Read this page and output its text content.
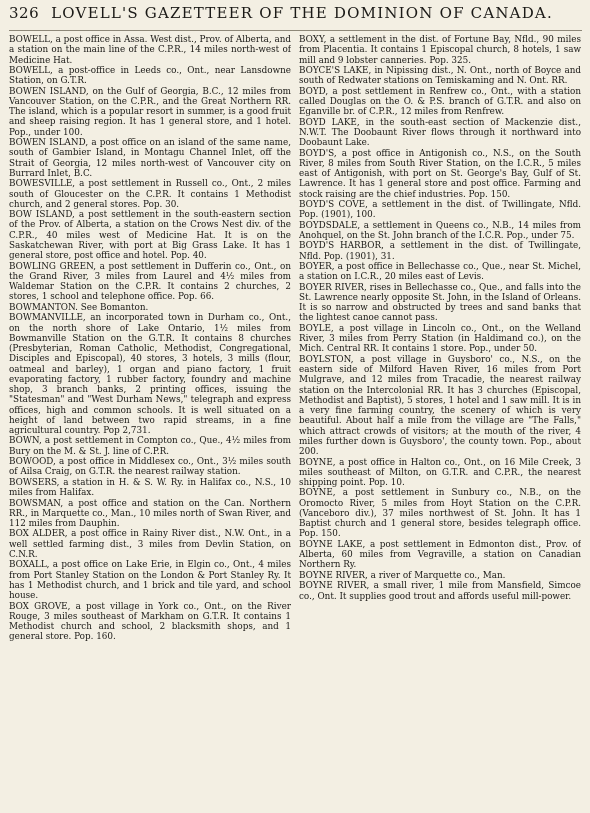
326 LOVELL'S GAZETTEER OF THE DOMINION OF CANADA.

BOWELL, a post office in Assa. West dist., Prov. of Alberta, and a station on the main line of the C.P.R., 14 miles north-west of Medicine Hat.

BOWELL, a post-office in Leeds co., Ont., near Lansdowne Station, on G.T.R.

BOWEN ISLAND, on the Gulf of Georgia, B.C., 12 miles from Vancouver Station, on the C.P.R., and the Great Northern RR. The island, which is a popular resort in summer, is a good fruit and sheep raising region. It has 1 general store, and 1 hotel. Pop., under 100.

BOWEN ISLAND, a post office on an island of the same name, south of Gambier Island, in Montagu Channel Inlet, off the Strait of Georgia, 12 miles north-west of Vancouver city on Burrard Inlet, B.C.

BOWESVILLE, a post settlement in Russell co., Ont., 2 miles south of Gloucester on the C.P.R. It contains 1 Methodist church, and 2 general stores. Pop. 30.

BOW ISLAND, a post settlement in the south-eastern section of the Prov. of Alberta, a station on the Crows Nest div. of the C.P.R., 40 miles west of Medicine Hat. It is on the Saskatchewan River, with port at Big Grass Lake. It has 1 general store, post office and hotel. Pop. 40.

BOWLING GREEN, a post settlement in Dufferin co., Ont., on the Grand River, 3 miles from Laurel and 4½ miles from Waldemar Station on the C.P.R. It contains 2 churches, 2 stores, 1 school and telephone office. Pop. 66.

BOWMANTON. See Bomanton.

BOWMANVILLE, an incorporated town in Durham co., Ont., on the north shore of Lake Ontario, 1½ miles from Bowmanville Station on the G.T.R. It contains 8 churches (Presbyterian, Roman Catholic, Methodist, Congregational, Disciples and Episcopal), 40 stores, 3 hotels, 3 mills (flour, oatmeal and barley), 1 organ and piano factory, 1 fruit evaporating factory, 1 rubber factory, foundry and machine shop, 3 branch banks, 2 printing offices, issuing the "Statesman" and "West Durham News," telegraph and express offices, high and common schools. It is well situated on a height of land between two rapid streams, in a fine agricultural country. Pop 2,731.

BOWN, a post settlement in Compton co., Que., 4½ miles from Bury on the M. & St. J. line of C.P.R.

BOWOOD, a post office in Middlesex co., Ont., 3½ miles south of Ailsa Craig, on G.T.R. the nearest railway station.

BOWSERS, a station in H. & S. W. Ry. in Halifax co., N.S., 10 miles from Halifax.

BOWSMAN, a post office and station on the Can. Northern RR., in Marquette co., Man., 10 miles north of Swan River, and 112 miles from Dauphin.

BOX ALDER, a post office in Rainy River dist., N.W. Ont., in a well settled farming dist., 3 miles from Devlin Station, on C.N.R.

BOXALL, a post office on Lake Erie, in Elgin co., Ont., 4 miles from Port Stanley Station on the London & Port Stanley Ry. It has 1 Methodist church, and 1 brick and tile yard, and school house.

BOX GROVE, a post village in York co., Ont., on the River Rouge, 3 miles southeast of Markham on G.T.R. It contains 1 Methodist church and school, 2 blacksmith shops, and 1 general store. Pop. 160.

BOXY, a settlement in the dist. of Fortune Bay, Nfld., 90 miles from Placentia. It contains 1 Episcopal church, 8 hotels, 1 saw mill and 9 lobster canneries. Pop. 325.

BOYCE'S LAKE, in Nipissing dist., N. Ont., north of Boyce and south of Redwater stations on Temiskaming and N. Ont. RR.

BOYD, a post settlement in Renfrew co., Ont., with a station called Douglas on the O. & P.S. branch of G.T.R. and also on Eganville br. of C.P.R., 12 miles from Renfrew.

BOYD LAKE, in the south-east section of Mackenzie dist., N.W.T. The Doobaunt River flows through it northward into Doobaunt Lake.

BOYD'S, a post office in Antigonish co., N.S., on the South River, 8 miles from South River Station, on the I.C.R., 5 miles east of Antigonish, with port on St. George's Bay, Gulf of St. Lawrence. It has 1 general store and post office. Farming and stock raising are the chief industries. Pop. 150.

BOYD'S COVE, a settlement in the dist. of Twillingate, Nfld. Pop. (1901), 100.

BOYDSDALE, a settlement in Queens co., N.B., 14 miles from Anohquel, on the St. John branch of the I.C.R. Pop., under 75.

BOYD'S HARBOR, a settlement in the dist. of Twillingate, Nfld. Pop. (1901), 31.

BOYER, a post office in Bellechasse co., Que., near St. Michel, a station on I.C.R., 20 miles east of Levis.

BOYER RIVER, rises in Bellechasse co., Que., and falls into the St. Lawrence nearly opposite St. John, in the Island of Orleans. It is so narrow and obstructed by trees and sand banks that the lightest canoe cannot pass.

BOYLE, a post village in Lincoln co., Ont., on the Welland River, 3 miles from Perry Station (in Haldimand co.), on the Mich. Central RR. It contains 1 store. Pop., under 50.

BOYLSTON, a post village in Guysboro' co., N.S., on the eastern side of Milford Haven River, 16 miles from Port Mulgrave, and 12 miles from Tracadie, the nearest railway station on the Intercolonial RR. It has 3 churches (Episcopal, Methodist and Baptist), 5 stores, 1 hotel and 1 saw mill. It is in a very fine farming country, the scenery of which is very beautiful. About half a mile from the village are "The Falls," which attract crowds of visitors; at the mouth of the river, 4 miles further down is Guysboro', the county town. Pop., about 200.

BOYNE, a post office in Halton co., Ont., on 16 Mile Creek, 3 miles southeast of Milton, on G.T.R. and C.P.R., the nearest shipping point. Pop. 10.

BOYNE, a post settlement in Sunbury co., N.B., on the Oromocto River, 5 miles from Hoyt Station on the C.P.R. (Vanceboro div.), 37 miles northwest of St. John. It has 1 Baptist church and 1 general store, besides telegraph office. Pop. 150.

BOYNE LAKE, a post settlement in Edmonton dist., Prov. of Alberta, 60 miles from Vegraville, a station on Canadian Northern Ry.

BOYNE RIVER, a river of Marquette co., Man.

BOYNE RIVER, a small river, 1 mile from Mansfield, Simcoe co., Ont. It supplies good trout and affords useful mill-power.
